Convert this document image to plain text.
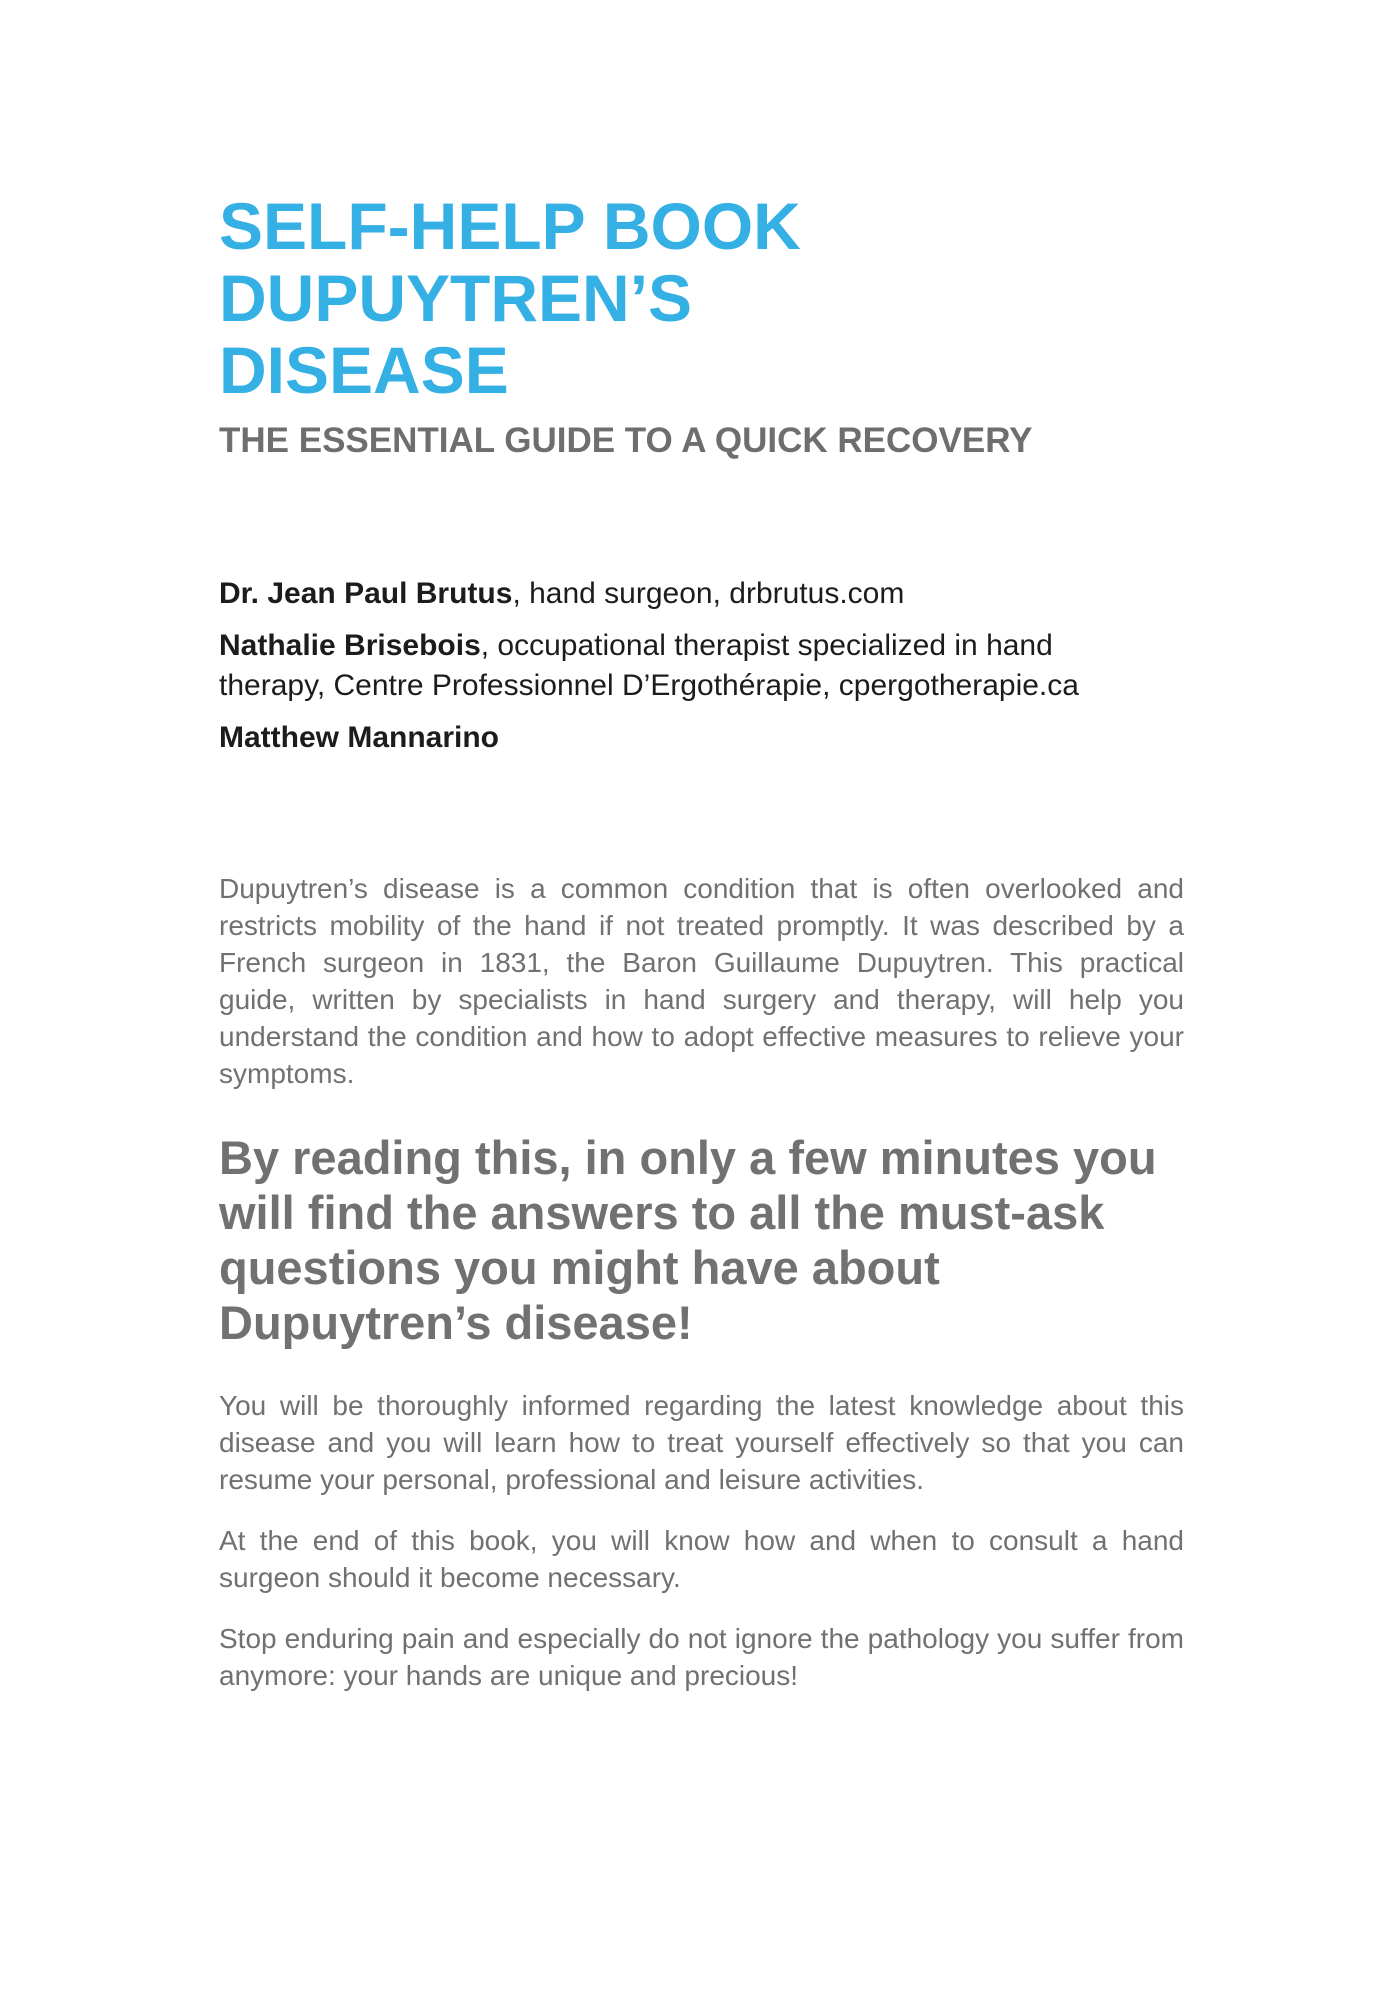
SELF-HELP BOOK
DUPUYTREN’S
DISEASE
THE ESSENTIAL GUIDE TO A QUICK RECOVERY

Dr. Jean Paul Brutus, hand surgeon, drbrutus.com

Nathalie Brisebois, occupational therapist specialized in hand therapy, Centre Professionnel D’Ergothérapie, cpergotherapie.ca

Matthew Mannarino

Dupuytren’s disease is a common condition that is often overlooked and restricts mobility of the hand if not treated promptly. It was described by a French surgeon in 1831, the Baron Guillaume Dupuytren. This practical guide, written by specialists in hand surgery and therapy, will help you understand the condition and how to adopt effective measures to relieve your symptoms.

By reading this, in only a few minutes you will find the answers to all the must-ask questions you might have about Dupuytren’s disease!

You will be thoroughly informed regarding the latest knowledge about this disease and you will learn how to treat yourself effectively so that you can resume your personal, professional and leisure activities.

At the end of this book, you will know how and when to consult a hand surgeon should it become necessary.

Stop enduring pain and especially do not ignore the pathology you suffer from anymore: your hands are unique and precious!
